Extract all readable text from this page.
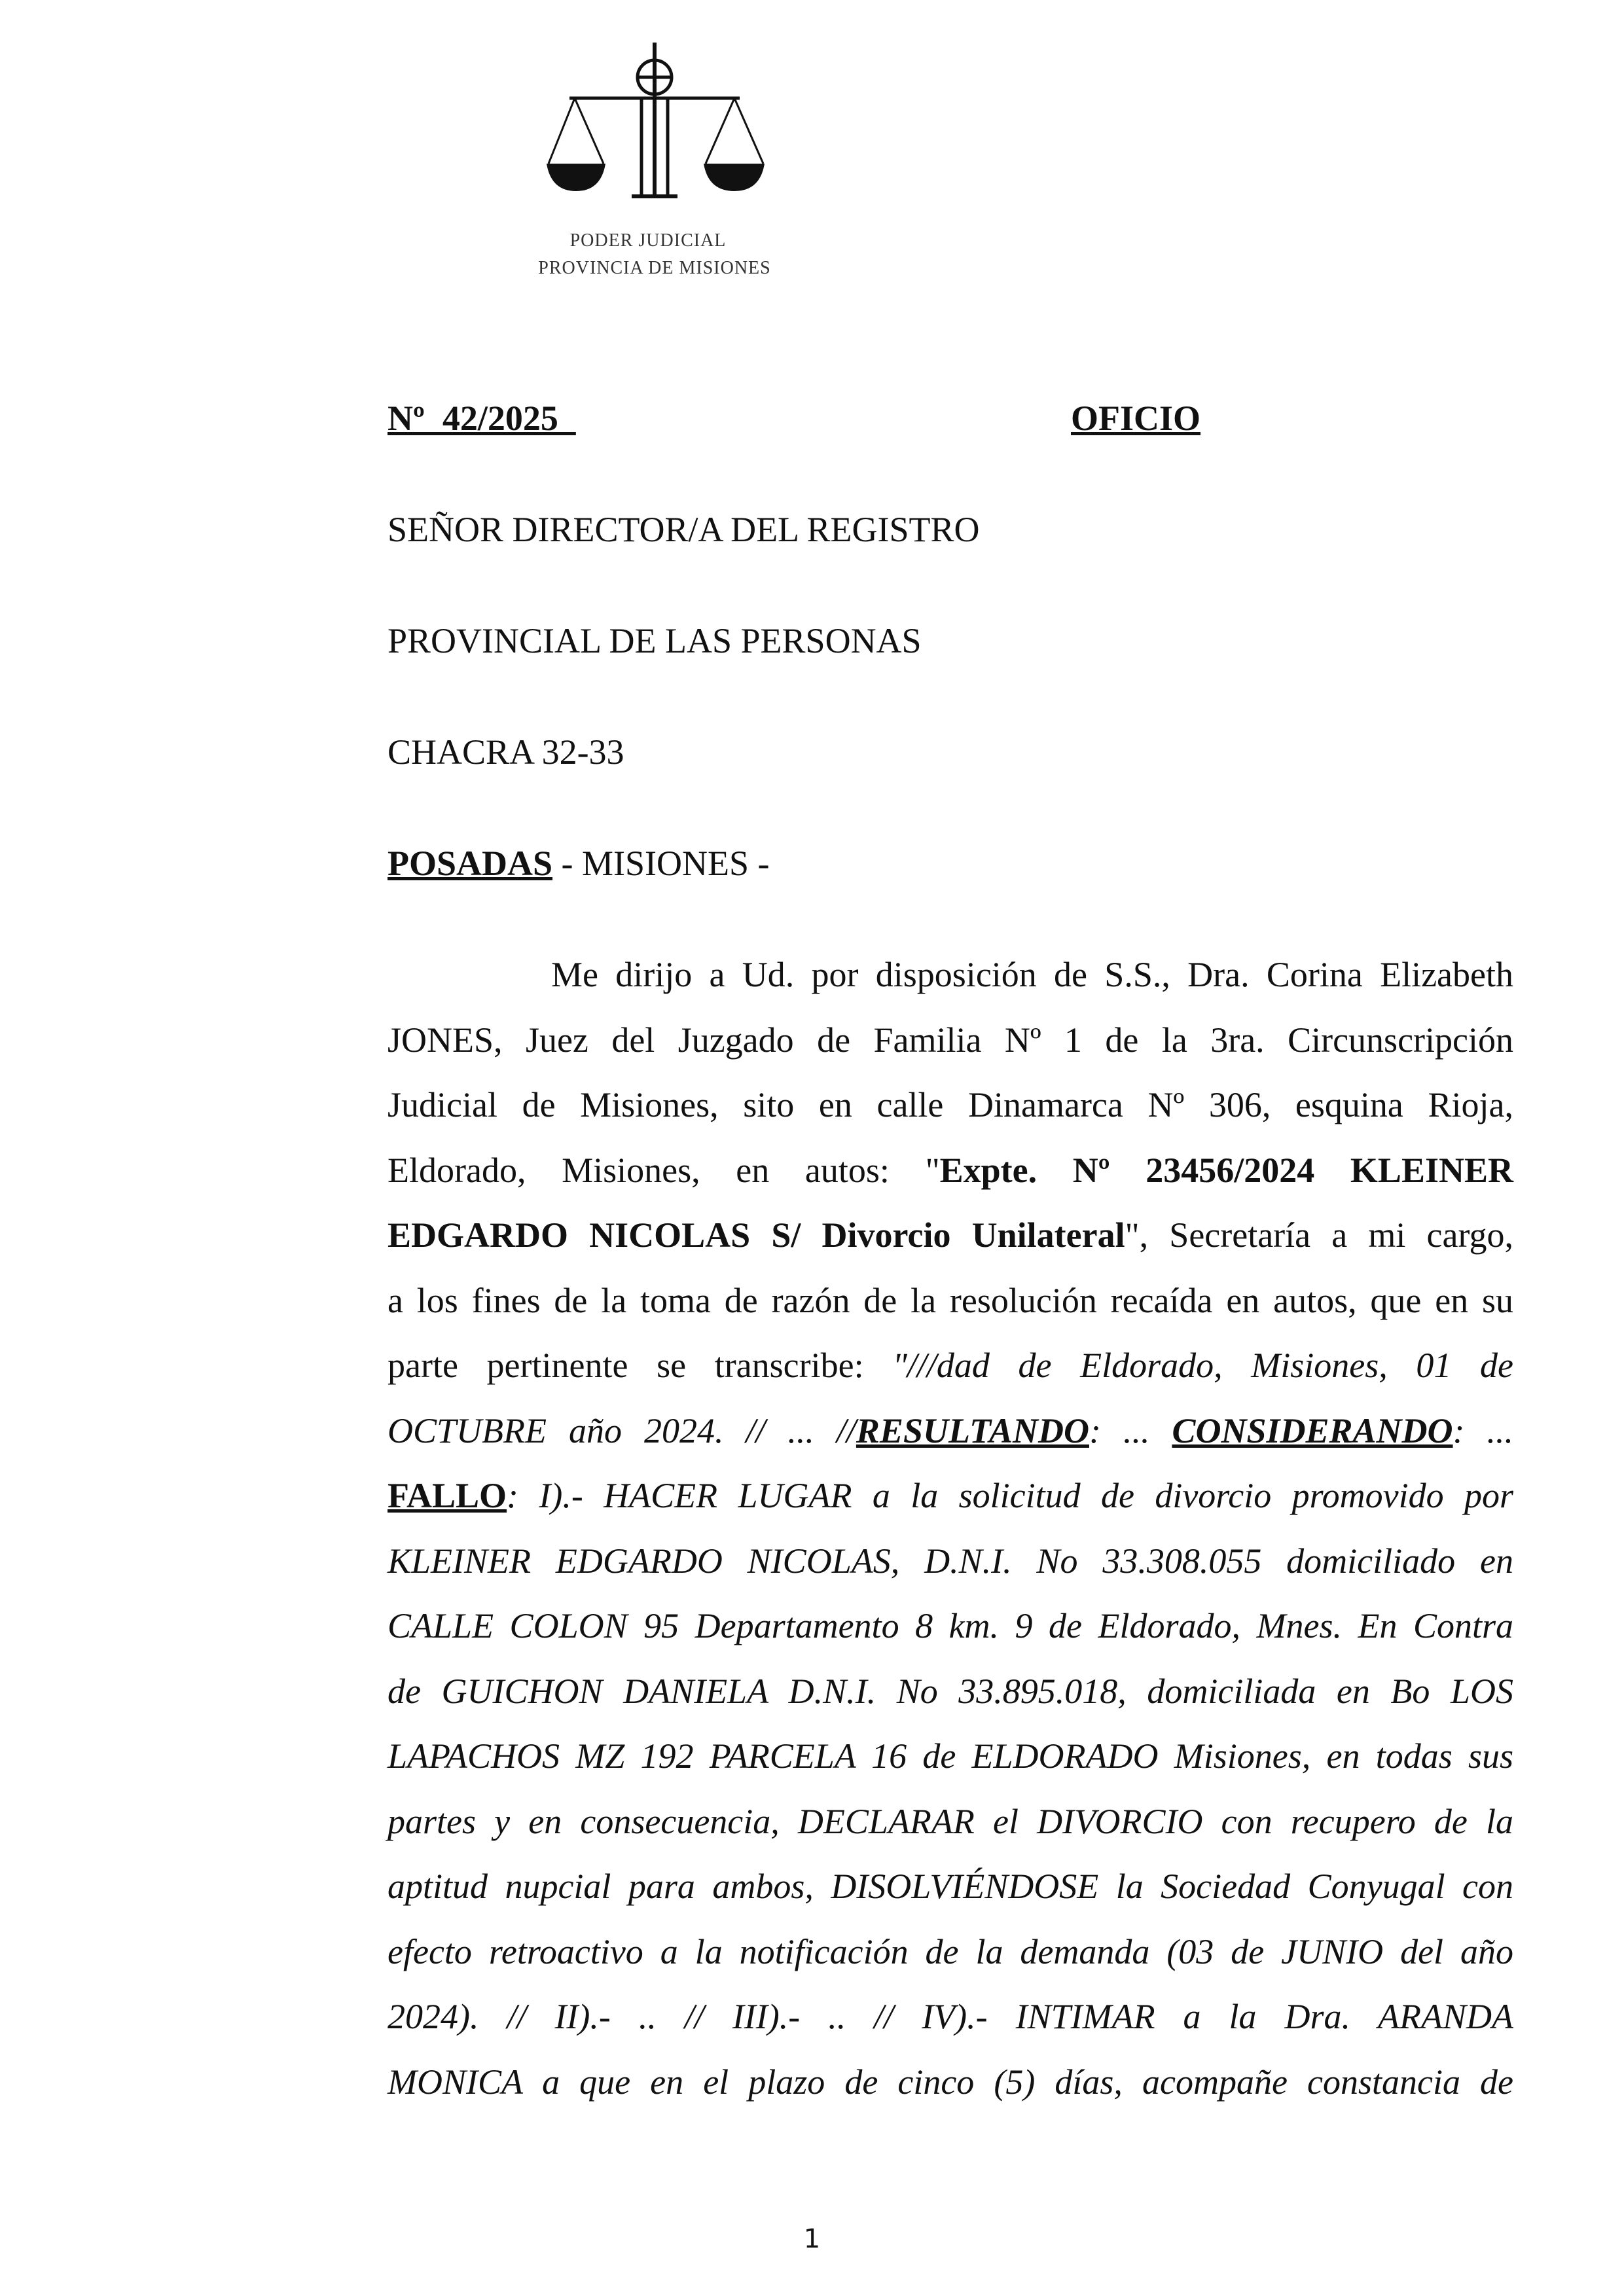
PODER JUDICIAL
PROVINCIA DE MISIONES
Nº  42/2025	OFICIO
SEÑOR DIRECTOR/A DEL REGISTRO
PROVINCIAL DE LAS PERSONAS
CHACRA 32-33
POSADAS - MISIONES -
Me dirijo a Ud. por disposición de S.S., Dra. Corina Elizabeth
JONES, Juez del Juzgado de Familia Nº 1 de la 3ra. Circunscripción
Judicial de Misiones, sito en calle Dinamarca Nº 306, esquina Rioja,
Eldorado, Misiones, en autos: "Expte. Nº 23456/2024 KLEINER
EDGARDO NICOLAS S/ Divorcio Unilateral", Secretaría a mi cargo,
a los fines de la toma de razón de la resolución recaída en autos, que en su
parte pertinente se transcribe: "///dad de Eldorado, Misiones, 01 de
OCTUBRE año 2024. // ... //RESULTANDO: ... CONSIDERANDO: ...
FALLO: I).- HACER LUGAR a la solicitud de divorcio promovido por
KLEINER EDGARDO NICOLAS, D.N.I. No 33.308.055 domiciliado en
CALLE COLON 95 Departamento 8 km. 9 de Eldorado, Mnes. En Contra
de GUICHON DANIELA D.N.I. No 33.895.018, domiciliada en Bo LOS
LAPACHOS MZ 192 PARCELA 16 de ELDORADO Misiones, en todas sus
partes y en consecuencia, DECLARAR el DIVORCIO con recupero de la
aptitud nupcial para ambos, DISOLVIÉNDOSE la Sociedad Conyugal con
efecto retroactivo a la notificación de la demanda (03 de JUNIO del año
2024). // II).- .. // III).- .. // IV).- INTIMAR a la Dra. ARANDA
MONICA a que en el plazo de cinco (5) días, acompañe constancia de
1
